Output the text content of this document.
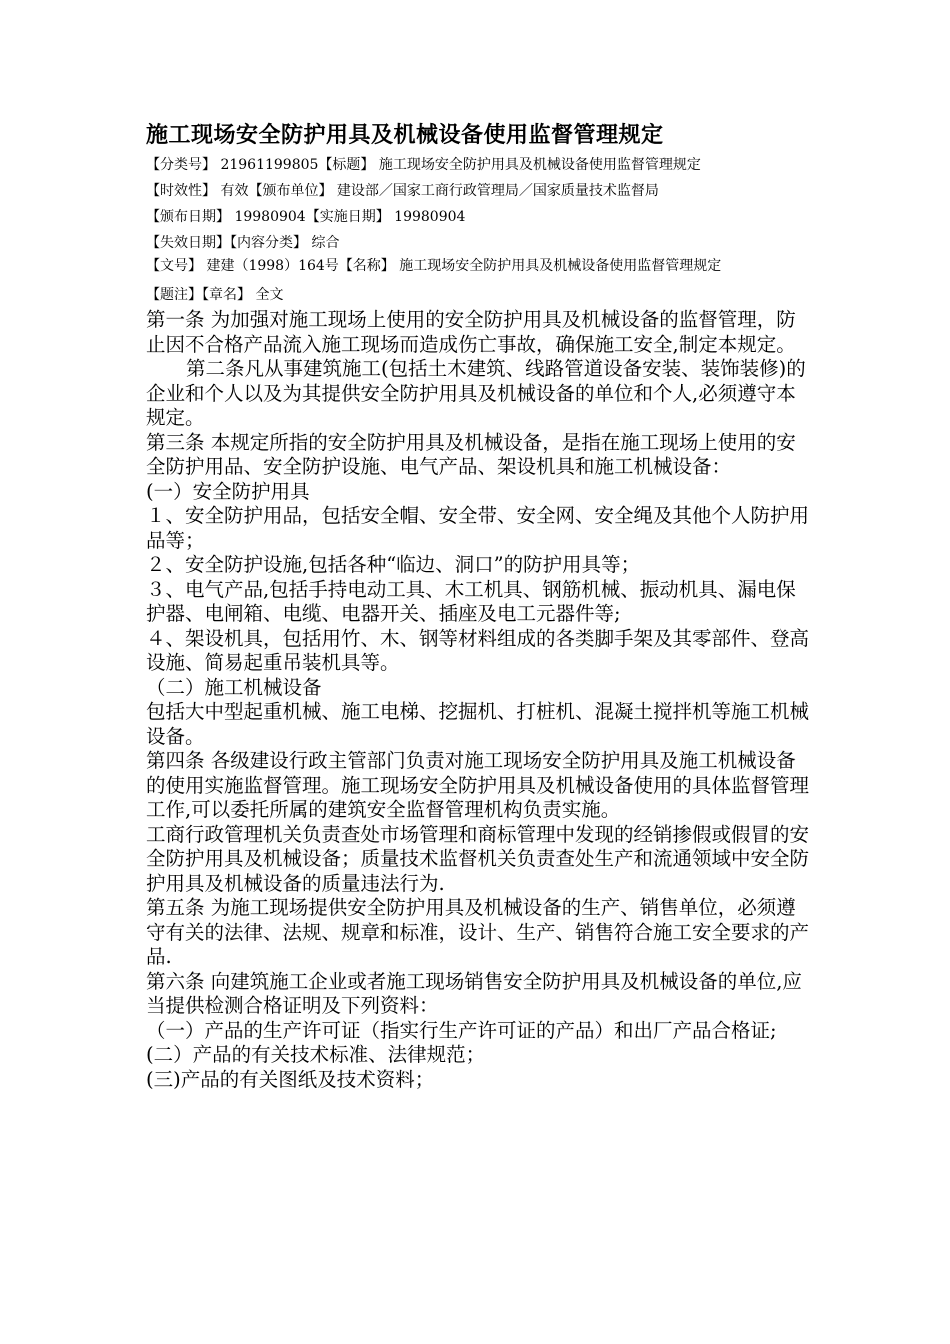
施工现场安全防护用具及机械设备使用监督管理规定

【分类号】 21961199805【标题】 施工现场安全防护用具及机械设备使用监督管理规定

【时效性】 有效【颁布单位】 建设部／国家工商行政管理局／国家质量技术监督局

【颁布日期】 19980904【实施日期】 19980904

【失效日期】【内容分类】 综合

【文号】 建建（1998）164号【名称】 施工现场安全防护用具及机械设备使用监督管理规定

【题注】【章名】 全文

第一条 为加强对施工现场上使用的安全防护用具及机械设备的监督管理，防止因不合格产品流入施工现场而造成伤亡事故，确保施工安全,制定本规定。

第二条凡从事建筑施工(包括土木建筑、线路管道设备安装、装饰装修)的企业和个人以及为其提供安全防护用具及机械设备的单位和个人,必须遵守本规定。

第三条 本规定所指的安全防护用具及机械设备，是指在施工现场上使用的安全防护用品、安全防护设施、电气产品、架设机具和施工机械设备：

(一）安全防护用具

１、安全防护用品，包括安全帽、安全带、安全网、安全绳及其他个人防护用品等；

２、安全防护设施,包括各种“临边、洞口”的防护用具等；

３、电气产品,包括手持电动工具、木工机具、钢筋机械、振动机具、漏电保护器、电闸箱、电缆、电器开关、插座及电工元器件等;

４、架设机具，包括用竹、木、钢等材料组成的各类脚手架及其零部件、登高设施、简易起重吊装机具等。

（二）施工机械设备

包括大中型起重机械、施工电梯、挖掘机、打桩机、混凝土搅拌机等施工机械设备。

第四条 各级建设行政主管部门负责对施工现场安全防护用具及施工机械设备的使用实施监督管理。施工现场安全防护用具及机械设备使用的具体监督管理工作,可以委托所属的建筑安全监督管理机构负责实施。

工商行政管理机关负责查处市场管理和商标管理中发现的经销掺假或假冒的安全防护用具及机械设备；质量技术监督机关负责查处生产和流通领域中安全防护用具及机械设备的质量违法行为.

第五条 为施工现场提供安全防护用具及机械设备的生产、销售单位，必须遵守有关的法律、法规、规章和标准，设计、生产、销售符合施工安全要求的产品.

第六条 向建筑施工企业或者施工现场销售安全防护用具及机械设备的单位,应当提供检测合格证明及下列资料：

（一）产品的生产许可证（指实行生产许可证的产品）和出厂产品合格证;

(二）产品的有关技术标准、法律规范；

(三)产品的有关图纸及技术资料；
